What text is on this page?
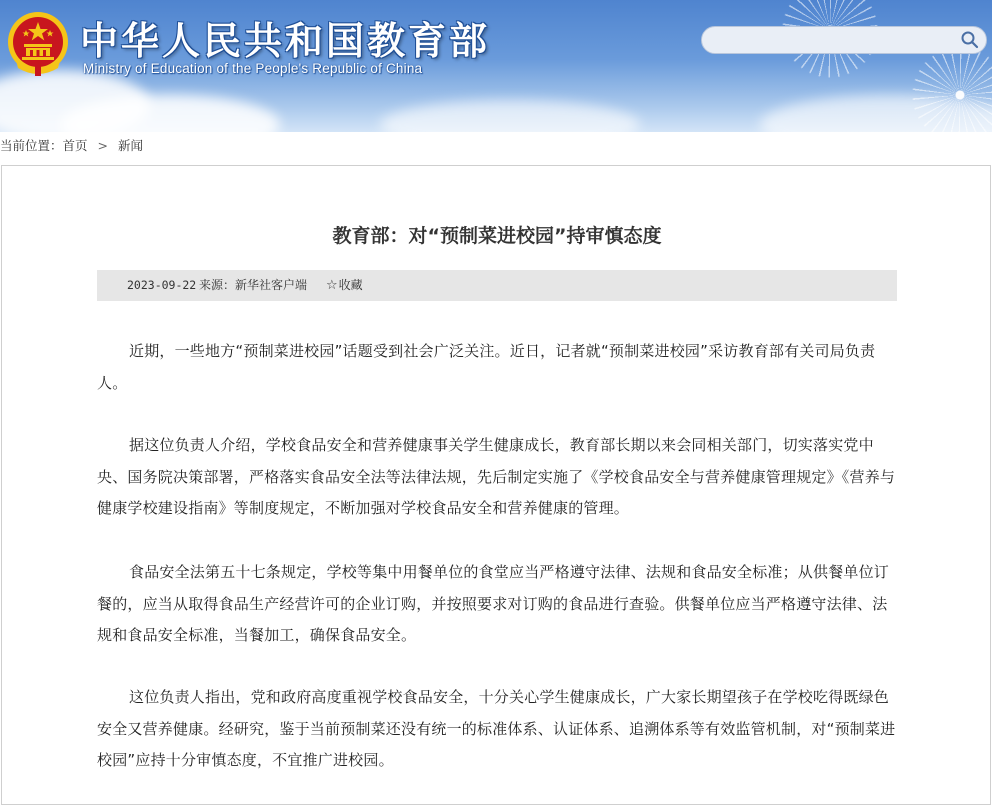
中华人民共和国教育部
Ministry of Education of the People's Republic of China
当前位置：首页 > 新闻
教育部：对“预制菜进校园”持审慎态度
2023-09-22 来源： 新华社客户端 ☆收藏

近期，一些地方“预制菜进校园”话题受到社会广泛关注。近日，记者就“预制菜进校园”采访教育部有关司局负责人。

据这位负责人介绍，学校食品安全和营养健康事关学生健康成长，教育部长期以来会同相关部门，切实落实党中央、国务院决策部署，严格落实食品安全法等法律法规，先后制定实施了《学校食品安全与营养健康管理规定》《营养与健康学校建设指南》等制度规定，不断加强对学校食品安全和营养健康的管理。

食品安全法第五十七条规定，学校等集中用餐单位的食堂应当严格遵守法律、法规和食品安全标准；从供餐单位订餐的，应当从取得食品生产经营许可的企业订购，并按照要求对订购的食品进行查验。供餐单位应当严格遵守法律、法规和食品安全标准，当餐加工，确保食品安全。

这位负责人指出，党和政府高度重视学校食品安全，十分关心学生健康成长，广大家长期望孩子在学校吃得既绿色安全又营养健康。经研究，鉴于当前预制菜还没有统一的标准体系、认证体系、追溯体系等有效监管机制，对“预制菜进校园”应持十分审慎态度，不宜推广进校园。
